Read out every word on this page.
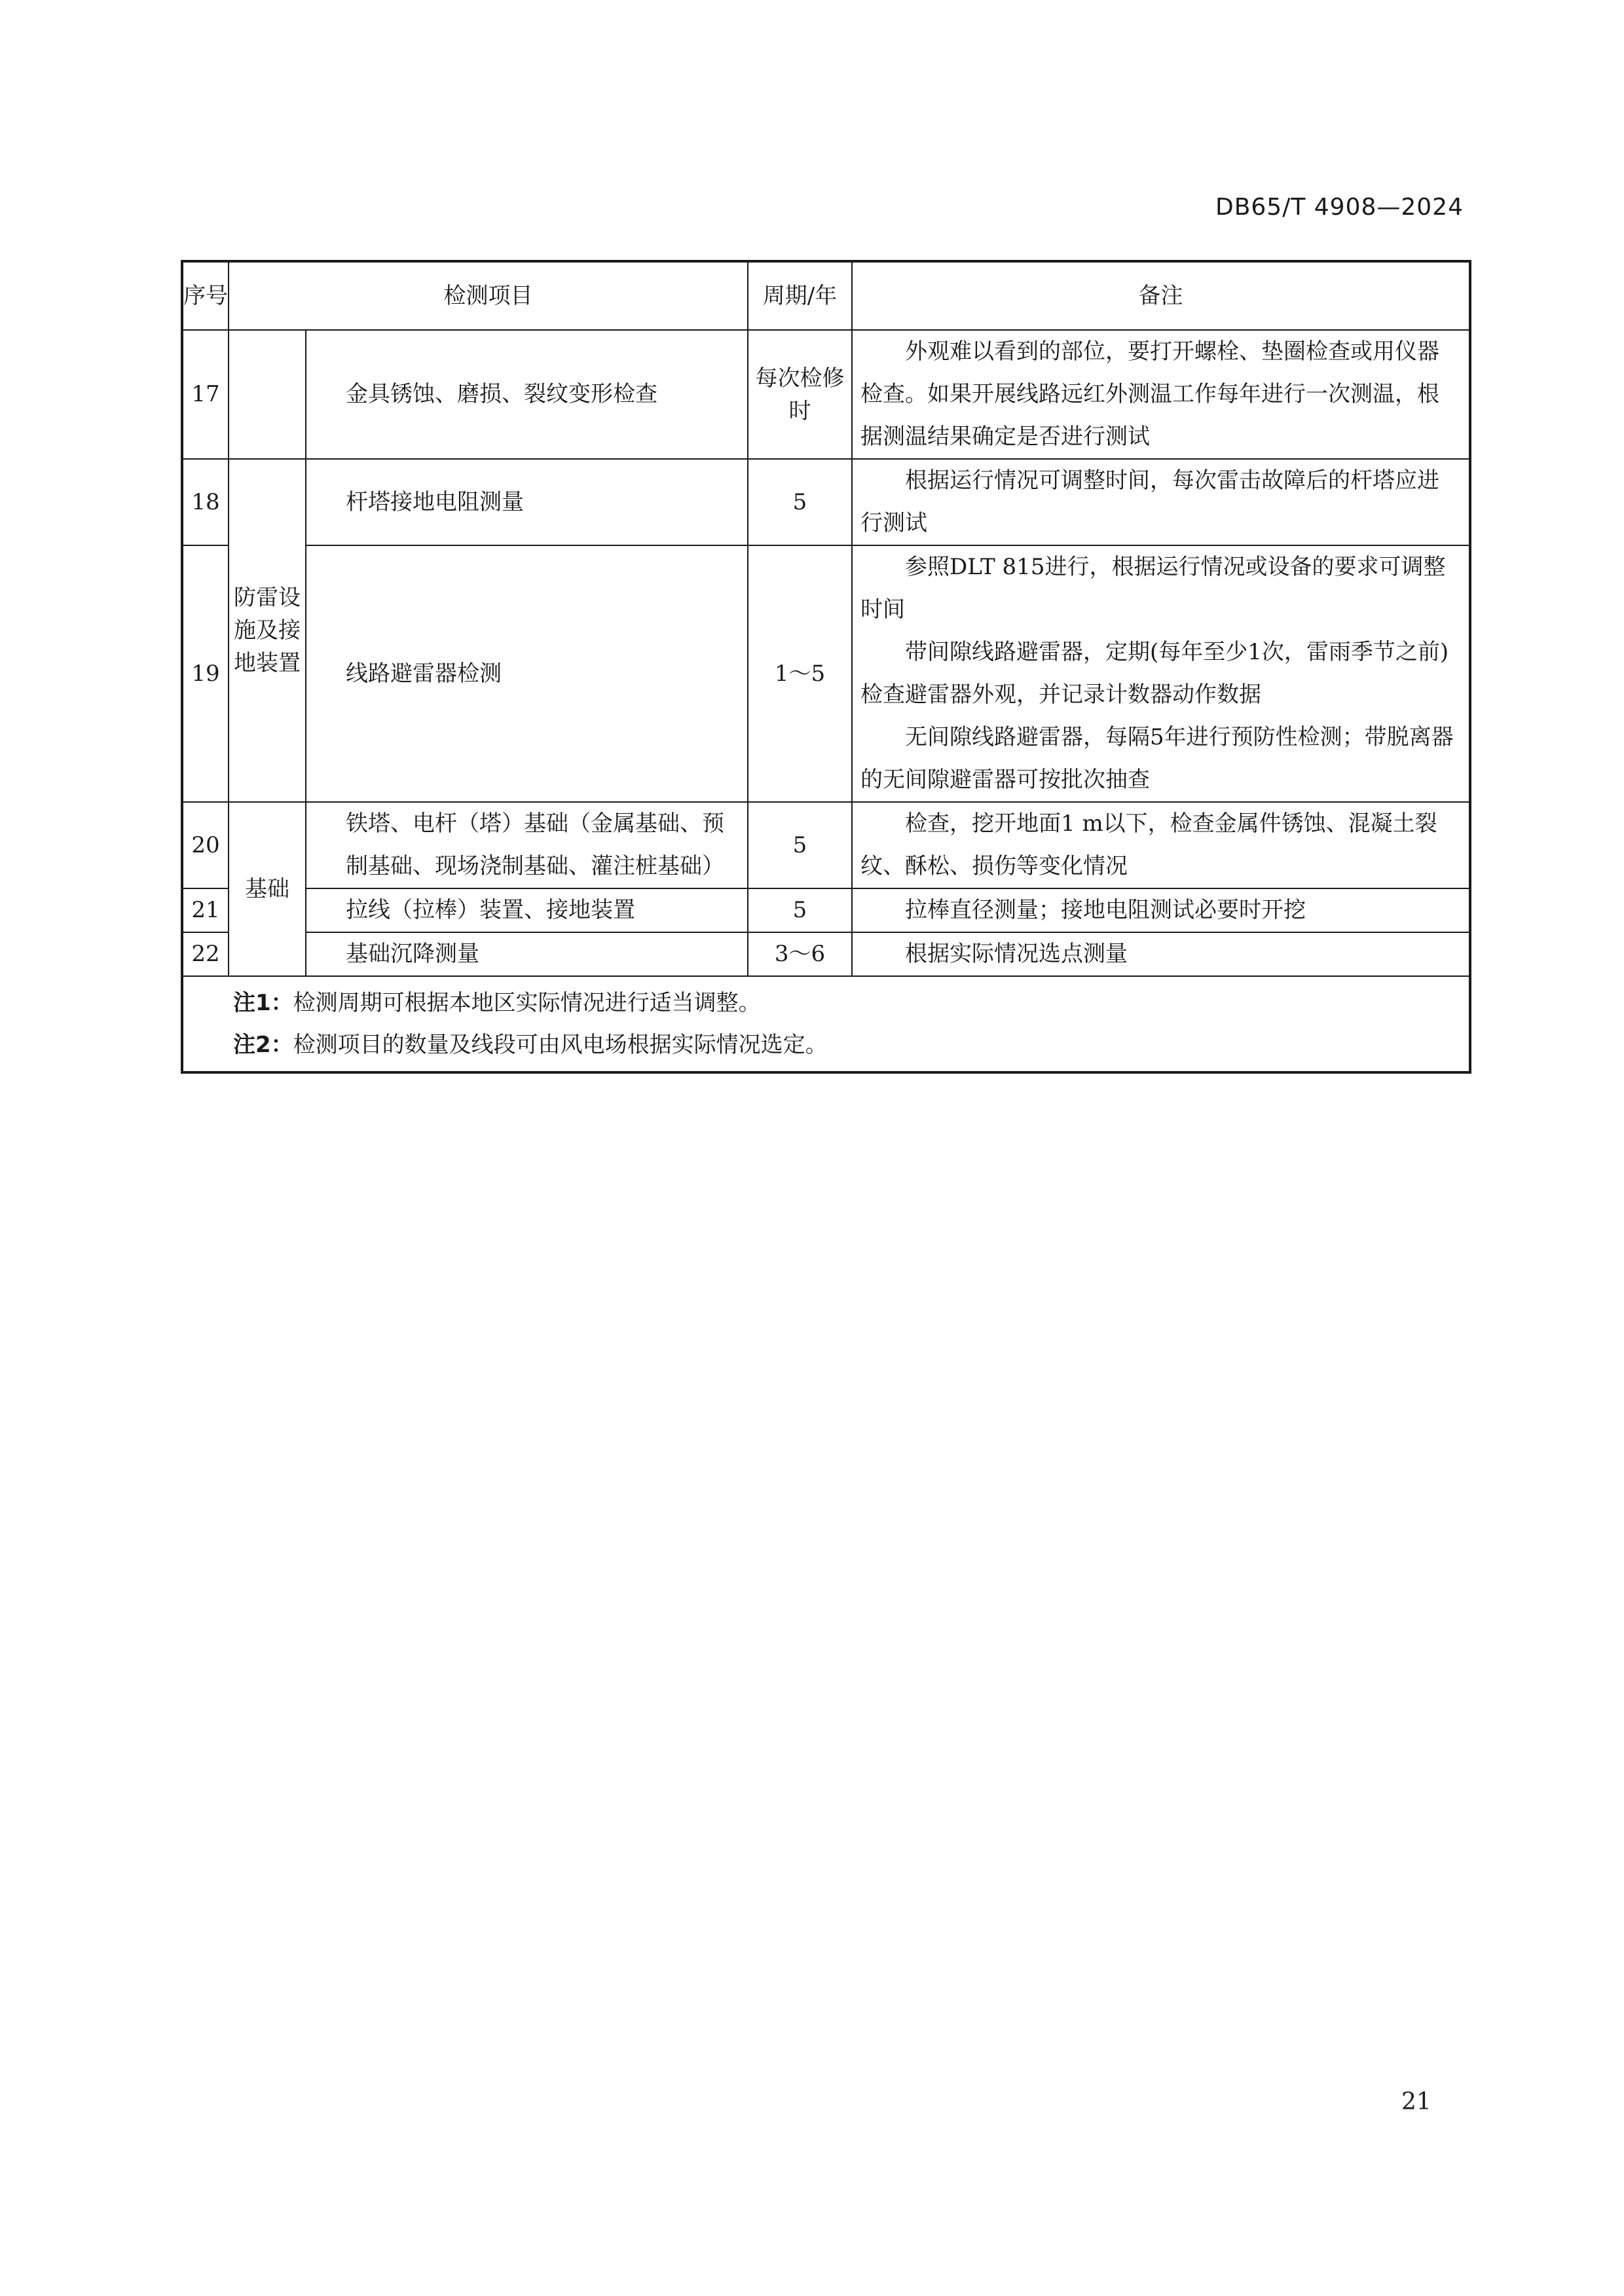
DB65/T 4908—2024
序号	检测项目		周期/年	备注
17		金具锈蚀、磨损、裂纹变形检查	每次检修时	外观难以看到的部位，要打开螺栓、垫圈检查或用仪器检查。如果开展线路远红外测温工作每年进行一次测温，根据测温结果确定是否进行测试

18	防雷设施及接地装置	杆塔接地电阻测量	5	根据运行情况可调整时间，每次雷击故障后的杆塔应进行测试

19		线路避雷器检测	1～5	参照DLT 815进行，根据运行情况或设备的要求可调整时间

带间隙线路避雷器，定期(每年至少1次，雷雨季节之前)检查避雷器外观，并记录计数器动作数据

无间隙线路避雷器，每隔5年进行预防性检测；带脱离器的无间隙避雷器可按批次抽查

20	基础	铁塔、电杆（塔）基础（金属基础、预制基础、现场浇制基础、灌注桩基础）	5	检查，挖开地面1 m以下，检查金属件锈蚀、混凝土裂纹、酥松、损伤等变化情况

21		拉线（拉棒）装置、接地装置	5	拉棒直径测量；接地电阻测试必要时开挖

22		基础沉降测量	3～6	根据实际情况选点测量

注1：检测周期可根据本地区实际情况进行适当调整。
注2：检测项目的数量及线段可由风电场根据实际情况选定。				
21
